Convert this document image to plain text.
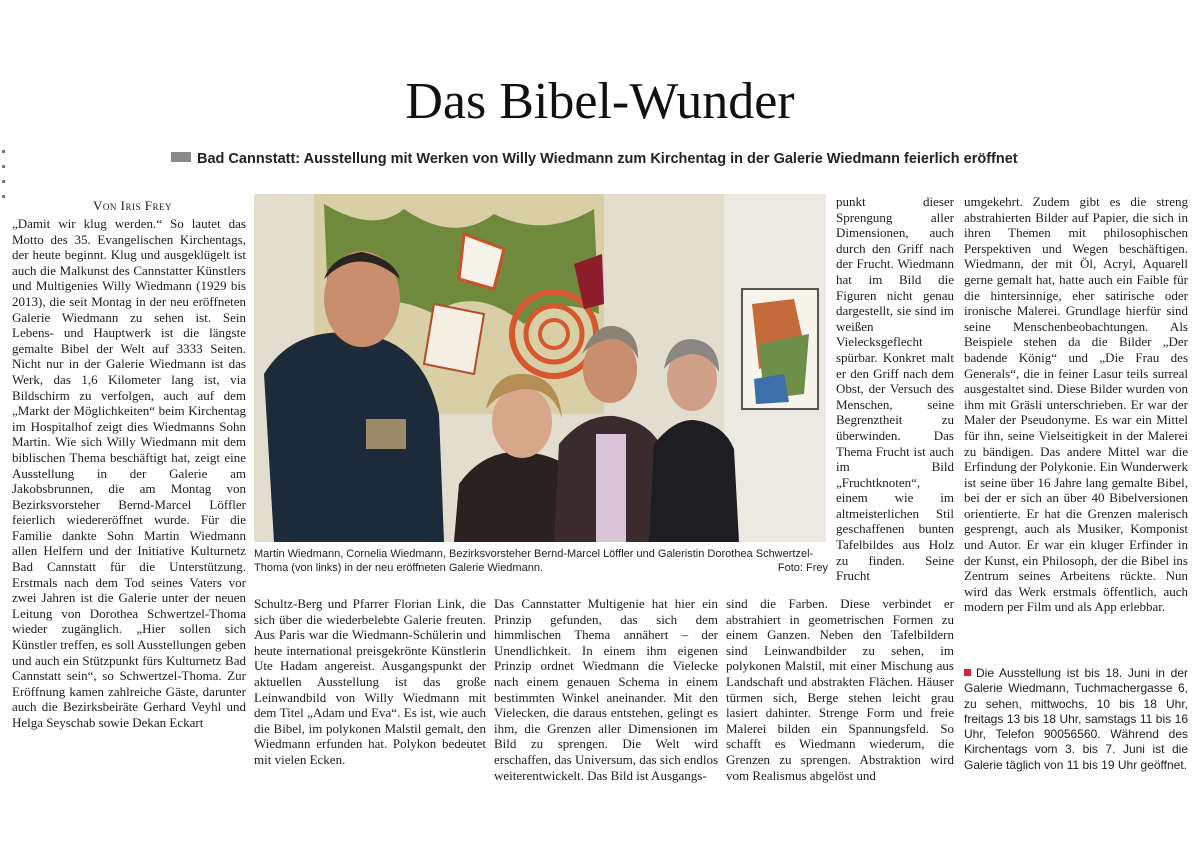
Das Bibel-Wunder
Bad Cannstatt: Ausstellung mit Werken von Willy Wiedmann zum Kirchentag in der Galerie Wiedmann feierlich eröffnet
Von Iris Frey

„Damit wir klug werden.“ So lautet das Motto des 35. Evangelischen Kirchentags, der heute beginnt. Klug und ausgeklügelt ist auch die Malkunst des Cannstatter Künstlers und Multigenies Willy Wiedmann (1929 bis 2013), die seit Montag in der neu eröffneten Galerie Wiedmann zu sehen ist. Sein Lebens- und Hauptwerk ist die längste gemalte Bibel der Welt auf 3333 Seiten. Nicht nur in der Galerie Wiedmann ist das Werk, das 1,6 Kilometer lang ist, via Bildschirm zu verfolgen, auch auf dem „Markt der Möglichkeiten“ beim Kirchentag im Hospitalhof zeigt dies Wiedmanns Sohn Martin. Wie sich Willy Wiedmann mit dem biblischen Thema beschäftigt hat, zeigt eine Ausstellung in der Galerie am Jakobsbrunnen, die am Montag von Bezirksvorsteher Bernd-Marcel Löffler feierlich wiedereröffnet wurde. Für die Familie dankte Sohn Martin Wiedmann allen Helfern und der Initiative Kulturnetz Bad Cannstatt für die Unterstützung. Erstmals nach dem Tod seines Vaters vor zwei Jahren ist die Galerie unter der neuen Leitung von Dorothea Schwertzel-Thoma wieder zugänglich. „Hier sollen sich Künstler treffen, es soll Ausstellungen geben und auch ein Stützpunkt fürs Kulturnetz Bad Cannstatt sein“, so Schwertzel-Thoma. Zur Eröffnung kamen zahlreiche Gäste, darunter auch die Bezirksbeiräte Gerhard Veyhl und Helga Seyschab sowie Dekan Eckart

Schultz-Berg und Pfarrer Florian Link, die sich über die wiederbelebte Galerie freuten. Aus Paris war die Wiedmann-Schülerin und heute international preisgekrönte Künstlerin Ute Hadam angereist. Ausgangspunkt der aktuellen Ausstellung ist das große Leinwandbild von Willy Wiedmann mit dem Titel „Adam und Eva“. Es ist, wie auch die Bibel, im polykonen Malstil gemalt, den Wiedmann erfunden hat. Polykon bedeutet mit vielen Ecken.

Das Cannstatter Multigenie hat hier ein Prinzip gefunden, das sich dem himmlischen Thema annähert – der Unendlichkeit. In einem ihm eigenen Prinzip ordnet Wiedmann die Vielecke nach einem genauen Schema in einem bestimmten Winkel aneinander. Mit den Vielecken, die daraus entstehen, gelingt es ihm, die Grenzen aller Dimensionen im Bild zu sprengen. Die Welt wird erschaffen, das Universum, das sich endlos weiterentwickelt. Das Bild ist Ausgangs-

punkt dieser Sprengung aller Dimensionen, auch durch den Griff nach der Frucht. Wiedmann hat im Bild die Figuren nicht genau dargestellt, sie sind im weißen Vielecksgeflecht spürbar. Konkret malt er den Griff nach dem Obst, der Versuch des Menschen, seine Begrenztheit zu überwinden. Das Thema Frucht ist auch im Bild „Fruchtknoten“, einem wie im altmeisterlichen Stil geschaffenen bunten Tafelbildes aus Holz zu finden. Seine Frucht

sind die Farben. Diese verbindet er abstrahiert in geometrischen Formen zu einem Ganzen. Neben den Tafelbildern sind Leinwandbilder zu sehen, im polykonen Malstil, mit einer Mischung aus Landschaft und abstrakten Flächen. Häuser türmen sich, Berge stehen leicht grau lasiert dahinter. Strenge Form und freie Malerei bilden ein Spannungsfeld. So schafft es Wiedmann wiederum, die Grenzen zu sprengen. Abstraktion wird vom Realismus abgelöst und

umgekehrt. Zudem gibt es die streng abstrahierten Bilder auf Papier, die sich in ihren Themen mit philosophischen Perspektiven und Wegen beschäftigen. Wiedmann, der mit Öl, Acryl, Aquarell gerne gemalt hat, hatte auch ein Faible für die hintersinnige, eher satirische oder ironische Malerei. Grundlage hierfür sind seine Menschenbeobachtungen. Als Beispiele stehen da die Bilder „Der badende König“ und „Die Frau des Generals“, die in feiner Lasur teils surreal ausgestaltet sind. Diese Bilder wurden von ihm mit Gräsli unterschrieben. Er war der Maler der Pseudonyme. Es war ein Mittel für ihn, seine Vielseitigkeit in der Malerei zu bändigen. Das andere Mittel war die Erfindung der Polykonie. Ein Wunderwerk ist seine über 16 Jahre lang gemalte Bibel, bei der er sich an über 40 Bibelversionen orientierte. Er hat die Grenzen malerisch gesprengt, auch als Musiker, Komponist und Autor. Er war ein kluger Erfinder in der Kunst, ein Philosoph, der die Bibel ins Zentrum seines Arbeitens rückte. Nun wird das Werk erstmals öffentlich, auch modern per Film und als App erlebbar.

Martin Wiedmann, Cornelia Wiedmann, Bezirksvorsteher Bernd-Marcel Löffler und Galeristin Dorothea Schwertzel-Thoma (von links) in der neu eröffneten Galerie Wiedmann.	Foto: Frey
Die Ausstellung ist bis 18. Juni in der Galerie Wiedmann, Tuchmachergasse 6, zu sehen, mittwochs, 10 bis 18 Uhr, freitags 13 bis 18 Uhr, samstags 11 bis 16 Uhr, Telefon 90056560. Während des Kirchentags vom 3. bis 7. Juni ist die Galerie täglich von 11 bis 19 Uhr geöffnet.
